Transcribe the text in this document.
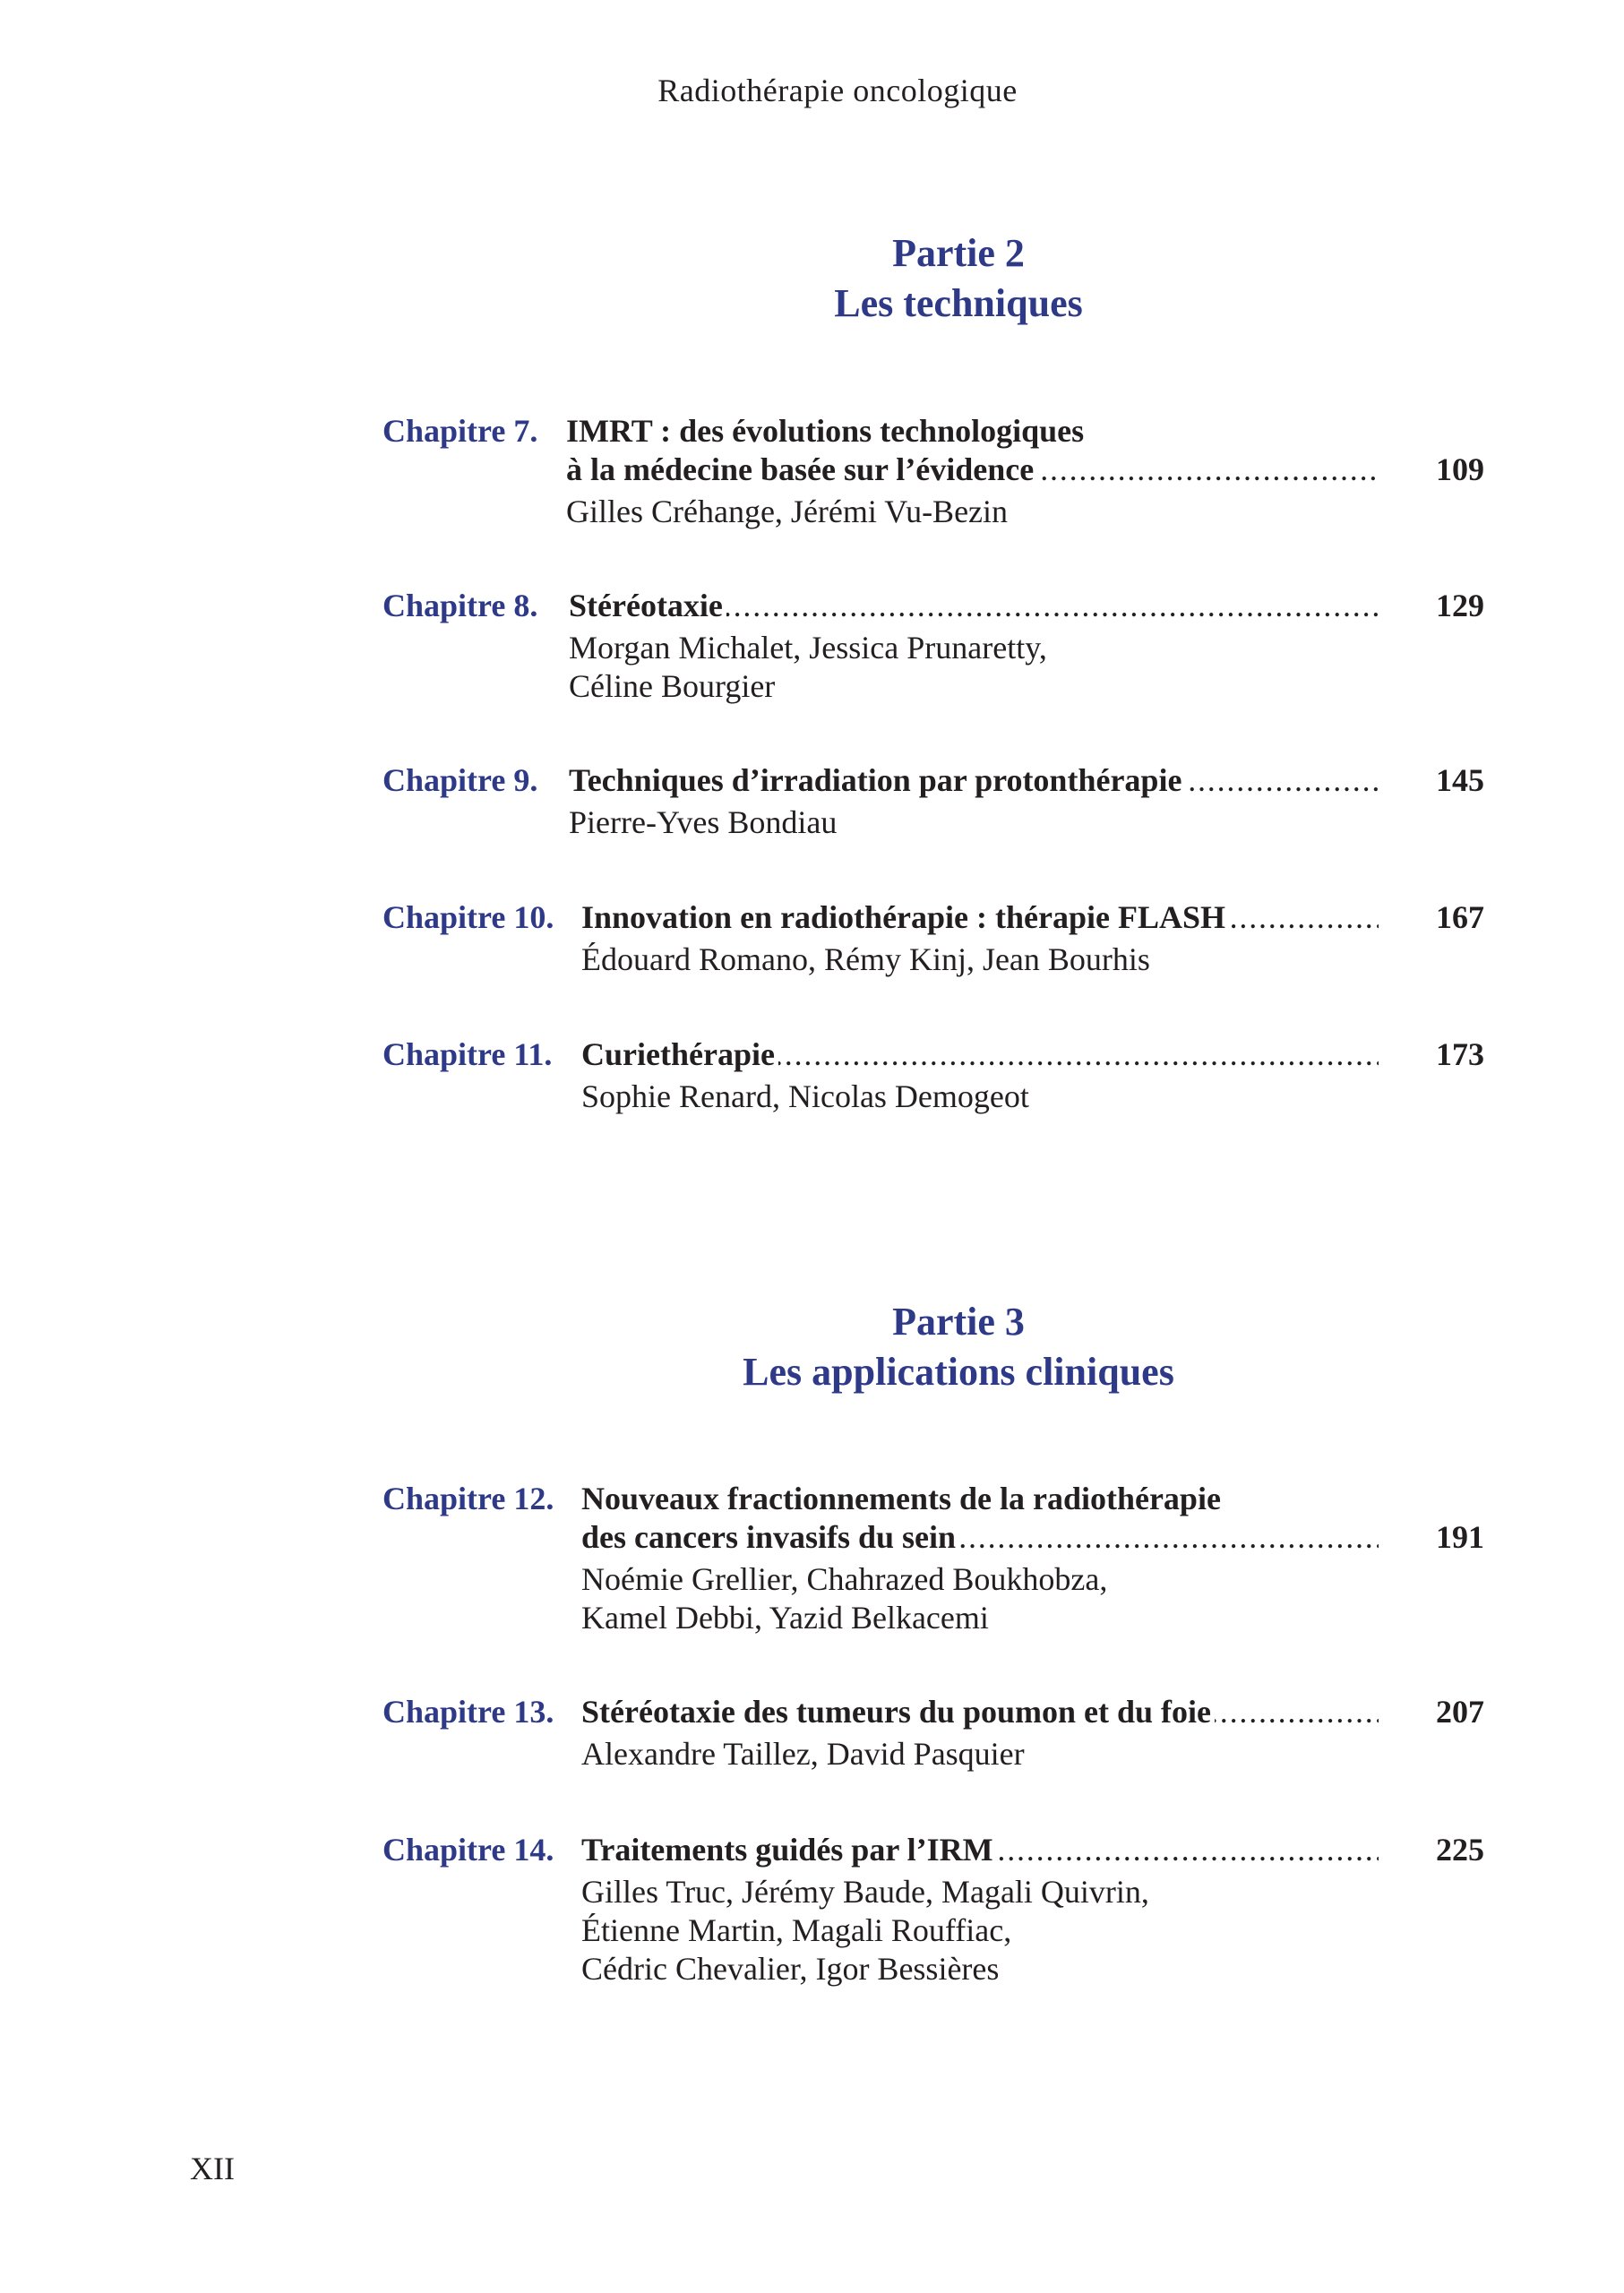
Radiothérapie oncologique
Partie 2
Les techniques
Chapitre 7. IMRT : des évolutions technologiques
..... à la médecine basée sur l’évidence	109
Gilles Créhange, Jérémi Vu-Bezin
Chapitre 8. ..... Stéréotaxie	129
Morgan Michalet, Jessica Prunaretty,
Céline Bourgier
Chapitre 9. ..... Techniques d’irradiation par protonthérapie	145
Pierre-Yves Bondiau
Chapitre 10. ..... Innovation en radiothérapie : thérapie FLASH	167
Édouard Romano, Rémy Kinj, Jean Bourhis
Chapitre 11. ..... Curiethérapie	173
Sophie Renard, Nicolas Demogeot
Partie 3
Les applications cliniques
Chapitre 12. Nouveaux fractionnements de la radiothérapie
..... des cancers invasifs du sein	191
Noémie Grellier, Chahrazed Boukhobza,
Kamel Debbi, Yazid Belkacemi
Chapitre 13. ..... Stéréotaxie des tumeurs du poumon et du foie	207
Alexandre Taillez, David Pasquier
Chapitre 14. ..... Traitements guidés par l’IRM	225
Gilles Truc, Jérémy Baude, Magali Quivrin,
Étienne Martin, Magali Rouffiac,
Cédric Chevalier, Igor Bessières
XII
